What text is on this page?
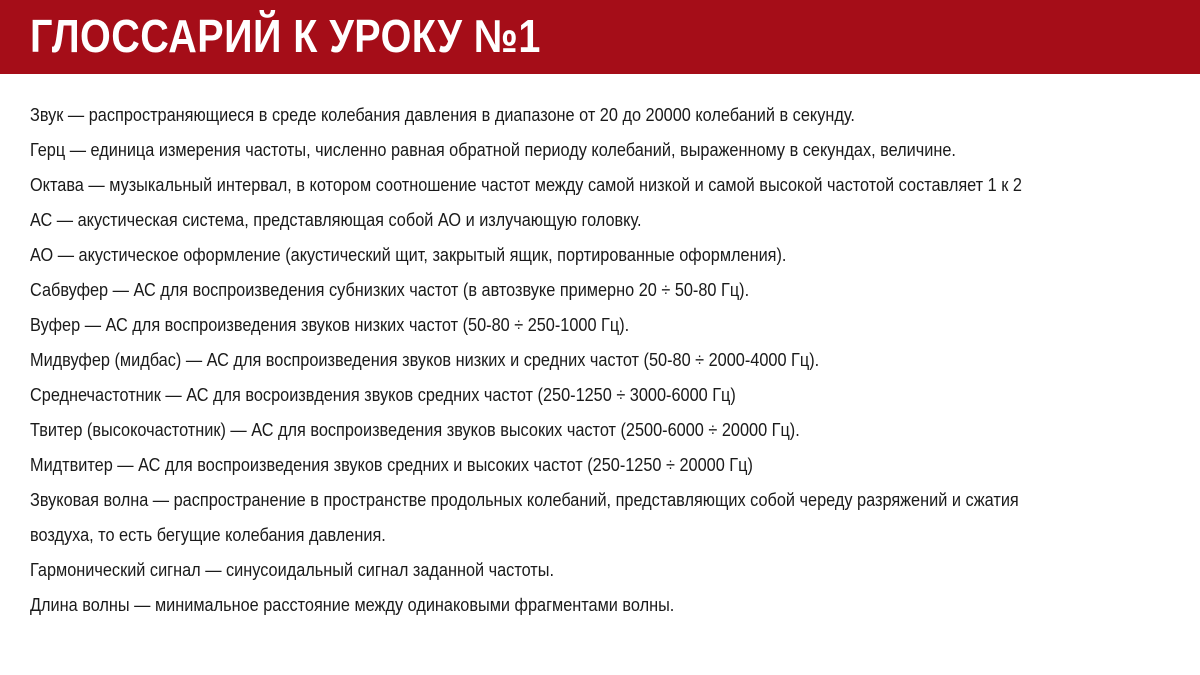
ГЛОССАРИЙ К УРОКУ №1
Звук — распространяющиеся в среде колебания давления в диапазоне от 20 до 20000 колебаний в секунду.
Герц — единица измерения частоты, численно равная обратной периоду колебаний, выраженному в секундах, величине.
Октава — музыкальный интервал, в котором соотношение частот между самой низкой и самой высокой частотой составляет 1 к 2
АС — акустическая система, представляющая собой АО и излучающую головку.
АО — акустическое оформление (акустический щит, закрытый ящик, портированные оформления).
Сабвуфер — АС для воспроизведения субнизких частот (в автозвуке примерно 20 ÷ 50-80 Гц).
Вуфер — АС для воспроизведения звуков низких частот (50-80 ÷ 250-1000 Гц).
Мидвуфер (мидбас) — АС для воспроизведения звуков низких и средних частот (50-80 ÷ 2000-4000 Гц).
Среднечастотник — АС для восроизвдения звуков средних частот (250-1250 ÷ 3000-6000 Гц)
Твитер (высокочастотник) — АС для воспроизведения звуков высоких частот (2500-6000 ÷ 20000 Гц).
Мидтвитер — АС для воспроизведения звуков средних и высоких частот (250-1250 ÷ 20000 Гц)
Звуковая волна — распространение в пространстве продольных колебаний, представляющих собой череду разряжений и сжатия
воздуха, то есть бегущие колебания давления.
Гармонический сигнал — синусоидальный сигнал заданной частоты.
Длина волны — минимальное расстояние между одинаковыми фрагментами волны.
